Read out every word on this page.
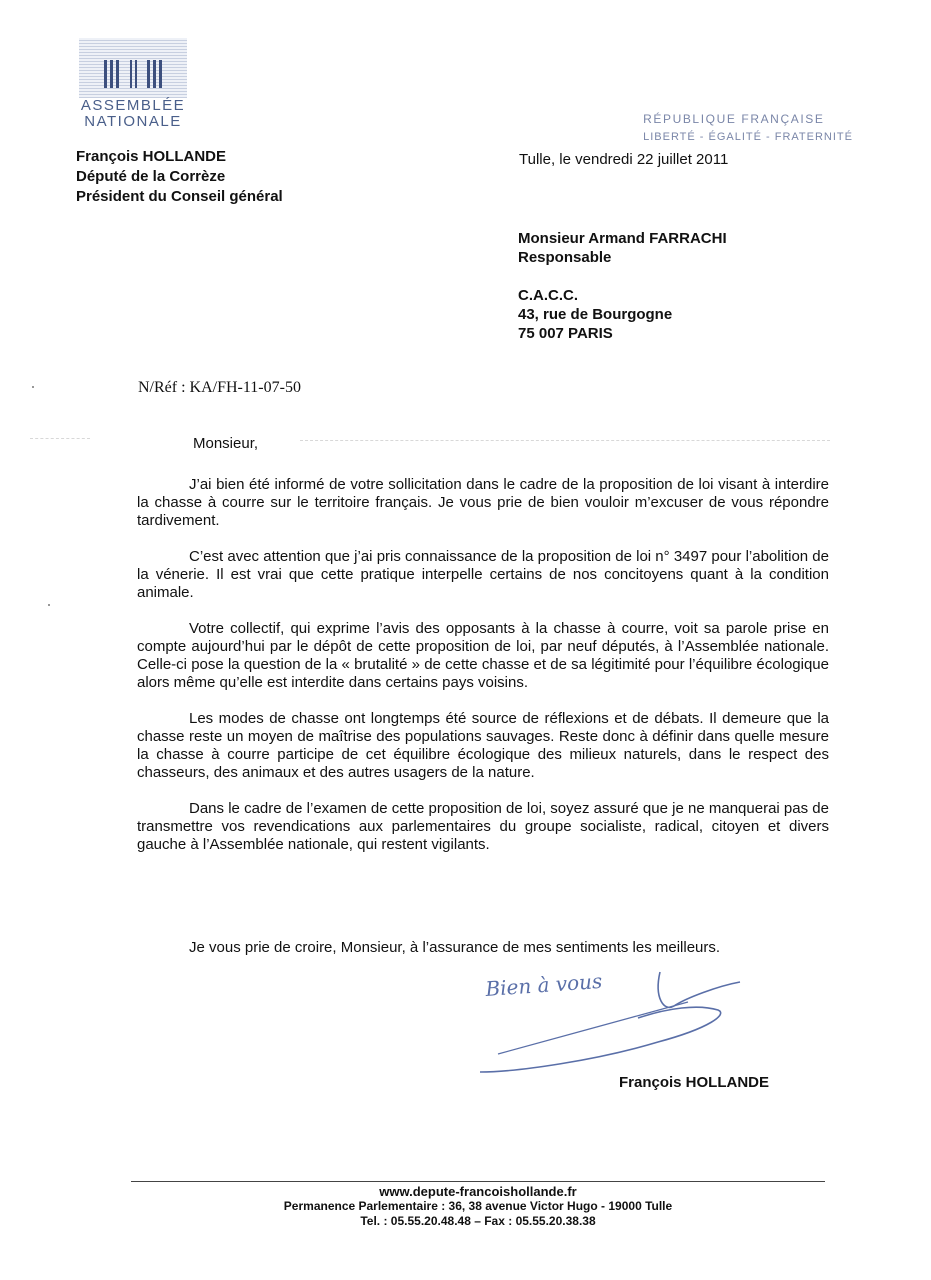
ASSEMBLÉE
NATIONALE
François HOLLANDE
Député de la Corrèze
Président du Conseil général
RÉPUBLIQUE FRANÇAISE
LIBERTÉ - ÉGALITÉ - FRATERNITÉ
Tulle, le vendredi 22 juillet 2011
Monsieur Armand FARRACHI
Responsable
C.A.C.C.
43, rue de Bourgogne
75 007 PARIS
N/Réf : KA/FH-11-07-50
Monsieur,

J’ai bien été informé de votre sollicitation dans le cadre de la proposition de loi visant à interdire la chasse à courre sur le territoire français. Je vous prie de bien vouloir m’excuser de vous répondre tardivement.

C’est avec attention que j’ai pris connaissance de la proposition de loi n° 3497 pour l’abolition de la vénerie. Il est vrai que cette pratique interpelle certains de nos concitoyens quant à la condition animale.

Votre collectif, qui exprime l’avis des opposants à la chasse à courre, voit sa parole prise en compte aujourd’hui par le dépôt de cette proposition de loi, par neuf députés, à l’Assemblée nationale. Celle-ci pose la question de la « brutalité » de cette chasse et de sa légitimité pour l’équilibre écologique alors même qu’elle est interdite dans certains pays voisins.

Les modes de chasse ont longtemps été source de réflexions et de débats. Il demeure que la chasse reste un moyen de maîtrise des populations sauvages. Reste donc à définir dans quelle mesure la chasse à courre participe de cet équilibre écologique des milieux naturels, dans le respect des chasseurs, des animaux et des autres usagers de la nature.

Dans le cadre de l’examen de cette proposition de loi, soyez assuré que je ne manquerai pas de transmettre vos revendications aux parlementaires du groupe socialiste, radical, citoyen et divers gauche à l’Assemblée nationale, qui restent vigilants.

Je vous prie de croire, Monsieur, à l’assurance de mes sentiments les meilleurs.
Bien à vous
François HOLLANDE
www.depute-francoishollande.fr
Permanence Parlementaire : 36, 38 avenue Victor Hugo - 19000 Tulle
Tel. : 05.55.20.48.48 – Fax : 05.55.20.38.38
